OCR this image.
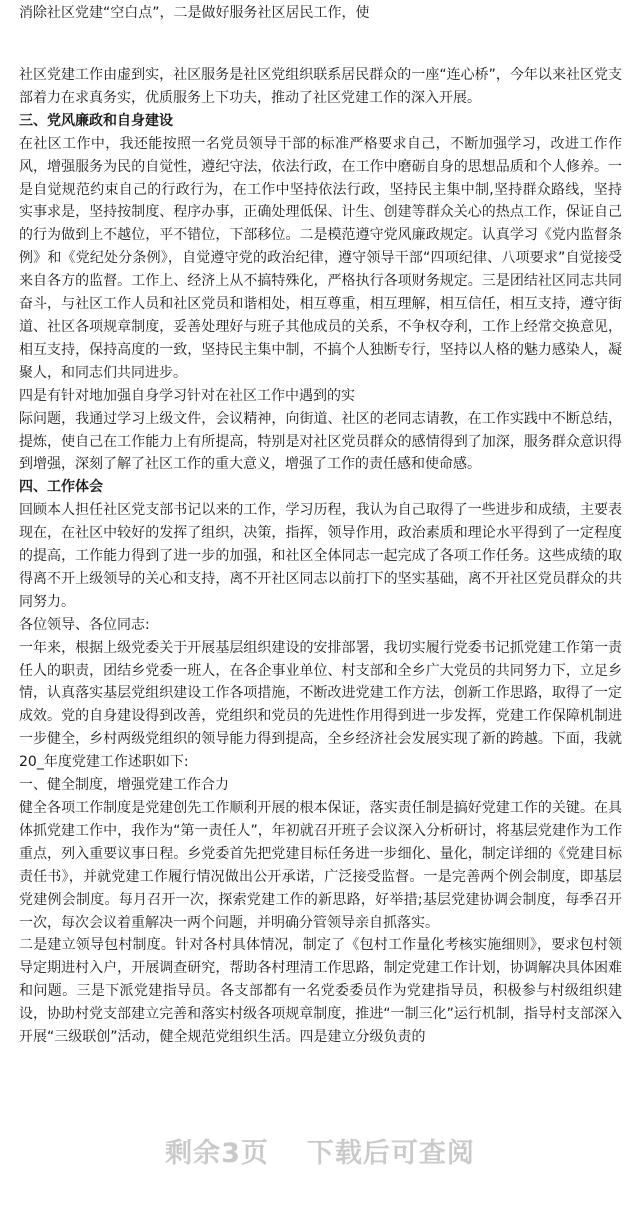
消除社区党建“空白点”，二是做好服务社区居民工作，使

社区党建工作由虚到实，社区服务是社区党组织联系居民群众的一座“连心桥”，今年以来社区党支部着力在求真务实，优质服务上下功夫，推动了社区党建工作的深入开展。

三、党风廉政和自身建设

在社区工作中，我还能按照一名党员领导干部的标准严格要求自己，不断加强学习，改进工作作风，增强服务为民的自觉性，遵纪守法，依法行政，在工作中磨砺自身的思想品质和个人修养。一是自觉规范约束自己的行政行为，在工作中坚持依法行政，坚持民主集中制,坚持群众路线，坚持实事求是，坚持按制度、程序办事，正确处理低保、计生、创建等群众关心的热点工作，保证自己的行为做到上不越位，平不错位，下部移位。二是模范遵守党风廉政规定。认真学习《党内监督条例》和《党纪处分条例》，自觉遵守党的政治纪律，遵守领导干部“四项纪律、八项要求”自觉接受来自各方的监督。工作上、经济上从不搞特殊化，严格执行各项财务规定。三是团结社区同志共同奋斗，与社区工作人员和社区党员和谐相处，相互尊重，相互理解，相互信任，相互支持，遵守街道、社区各项规章制度，妥善处理好与班子其他成员的关系，不争权夺利，工作上经常交换意见，相互支持，保持高度的一致，坚持民主集中制，不搞个人独断专行，坚持以人格的魅力感染人，凝聚人，和同志们共同进步。

四是有针对地加强自身学习针对在社区工作中遇到的实

际问题，我通过学习上级文件，会议精神，向街道、社区的老同志请教，在工作实践中不断总结，提炼，使自己在工作能力上有所提高，特别是对社区党员群众的感情得到了加深，服务群众意识得到增强，深刻了解了社区工作的重大意义，增强了工作的责任感和使命感。

四、工作体会

回顾本人担任社区党支部书记以来的工作，学习历程，我认为自己取得了一些进步和成绩，主要表现在，在社区中较好的发挥了组织，决策，指挥，领导作用，政治素质和理论水平得到了一定程度的提高，工作能力得到了进一步的加强，和社区全体同志一起完成了各项工作任务。这些成绩的取得离不开上级领导的关心和支持，离不开社区同志以前打下的坚实基础，离不开社区党员群众的共同努力。

各位领导、各位同志:

一年来，根据上级党委关于开展基层组织建设的安排部署，我切实履行党委书记抓党建工作第一责任人的职责，团结乡党委一班人，在各企事业单位、村支部和全乡广大党员的共同努力下，立足乡情，认真落实基层党组织建设工作各项措施，不断改进党建工作方法，创新工作思路，取得了一定成效。党的自身建设得到改善，党组织和党员的先进性作用得到进一步发挥，党建工作保障机制进一步健全，乡村两级党组织的领导能力得到提高，全乡经济社会发展实现了新的跨越。下面，我就 20_年度党建工作述职如下:

一、健全制度，增强党建工作合力

健全各项工作制度是党建创先工作顺利开展的根本保证，落实责任制是搞好党建工作的关键。在具体抓党建工作中，我作为“第一责任人”，年初就召开班子会议深入分析研讨，将基层党建作为工作重点，列入重要议事日程。乡党委首先把党建目标任务进一步细化、量化，制定详细的《党建目标责任书》，并就党建工作履行情况做出公开承诺，广泛接受监督。一是完善两个例会制度，即基层党建例会制度。每月召开一次，探索党建工作的新思路，好举措;基层党建协调会制度，每季召开一次，每次会议着重解决一两个问题，并明确分管领导亲自抓落实。

二是建立领导包村制度。针对各村具体情况，制定了《包村工作量化考核实施细则》，要求包村领导定期进村入户，开展调查研究，帮助各村理清工作思路，制定党建工作计划，协调解决具体困难和问题。三是下派党建指导员。各支部都有一名党委委员作为党建指导员，积极参与村级组织建设，协助村党支部建立完善和落实村级各项规章制度，推进“一制三化”运行机制，指导村支部深入开展“三级联创”活动，健全规范党组织生活。四是建立分级负责的

剩余3页 下载后可查阅
